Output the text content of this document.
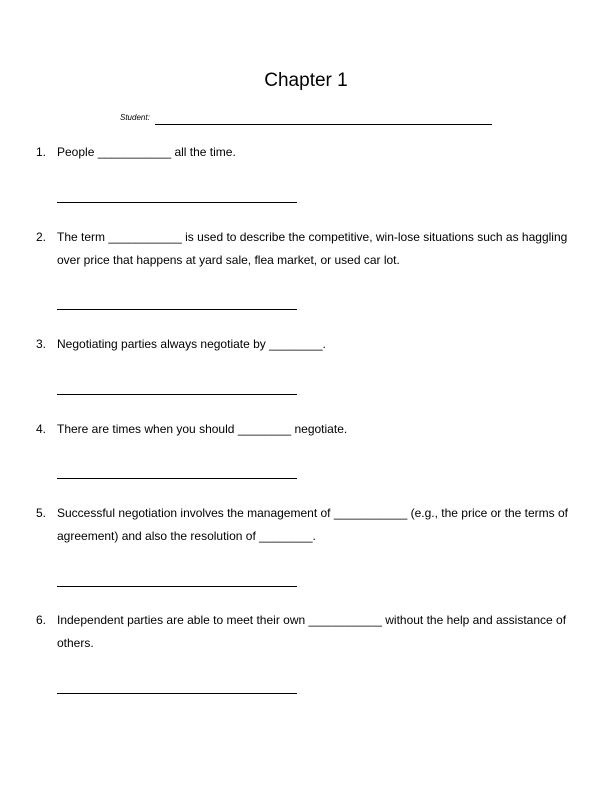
Chapter 1
Student:
1. People ___________ all the time.
2. The term ___________ is used to describe the competitive, win-lose situations such as haggling over price that happens at yard sale, flea market, or used car lot.
3. Negotiating parties always negotiate by ________.
4. There are times when you should ________ negotiate.
5. Successful negotiation involves the management of ___________ (e.g., the price or the terms of agreement) and also the resolution of ________.
6. Independent parties are able to meet their own ___________ without the help and assistance of others.
